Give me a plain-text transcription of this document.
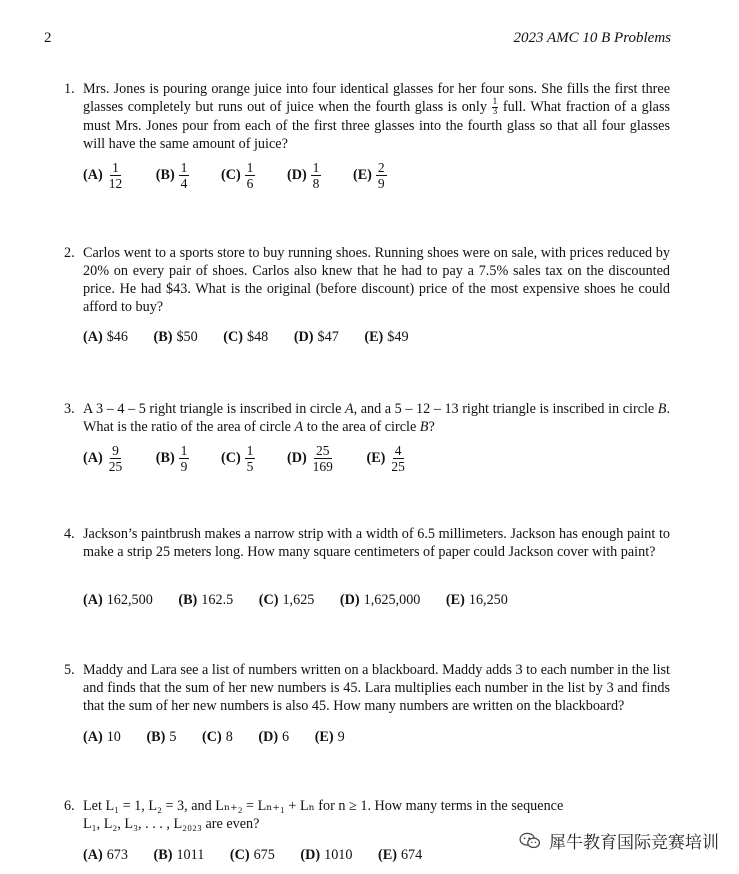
2	2023 AMC 10 B Problems
1. Mrs. Jones is pouring orange juice into four identical glasses for her four sons. She fills the first three glasses completely but runs out of juice when the fourth glass is only $\frac{1}{3}$ full. What fraction of a glass must Mrs. Jones pour from each of the first three glasses into the fourth glass so that all four glasses will have the same amount of juice?
$(A) \frac{1}{12}$
$(B) \frac{1}{4}$
$(C) \frac{1}{6}$
$(D) \frac{1}{8}$
$(E) \frac{2}{9}$
2. Carlos went to a sports store to buy running shoes. Running shoes were on sale, with prices reduced by 20% on every pair of shoes. Carlos also knew that he had to pay a 7.5% sales tax on the discounted price. He had $43. What is the original (before discount) price of the most expensive shoes he could afford to buy?
(A) $46 (B) $50 (C) $48 (D) $47 (E) $49
3. A 3 – 4 – 5 right triangle is inscribed in circle A, and a 5 – 12 – 13 right triangle is inscribed in circle B. What is the ratio of the area of circle A to the area of circle B?
$(A) \frac{9}{25}$
$(B) \frac{1}{9}$
$(C) \frac{1}{5}$
$(D) \frac{25}{169}$
$(E) \frac{4}{25}$
4. Jackson’s paintbrush makes a narrow strip with a width of 6.5 millimeters. Jackson has enough paint to make a strip 25 meters long. How many square centimeters of paper could Jackson cover with paint?
(A) 162,500 (B) 162.5 (C) 1,625 (D) 1,625,000 (E) 16,250
5. Maddy and Lara see a list of numbers written on a blackboard. Maddy adds 3 to each number in the list and finds that the sum of her new numbers is 45. Lara multiplies each number in the list by 3 and finds that the sum of her new numbers is also 45. How many numbers are written on the blackboard?
(A) 10 (B) 5 (C) 8 (D) 6 (E) 9
6. Let L₁ = 1, L₂ = 3, and Lₙ₊₂ = Lₙ₊₁ + Lₙ for n ≥ 1. How many terms in the sequence
L₁, L₂, L₃, . . . , L₂₀₂₃ are even?
(A) 673 (B) 1011 (C) 675 (D) 1010 (E) 674
犀牛教育国际竞赛培训
